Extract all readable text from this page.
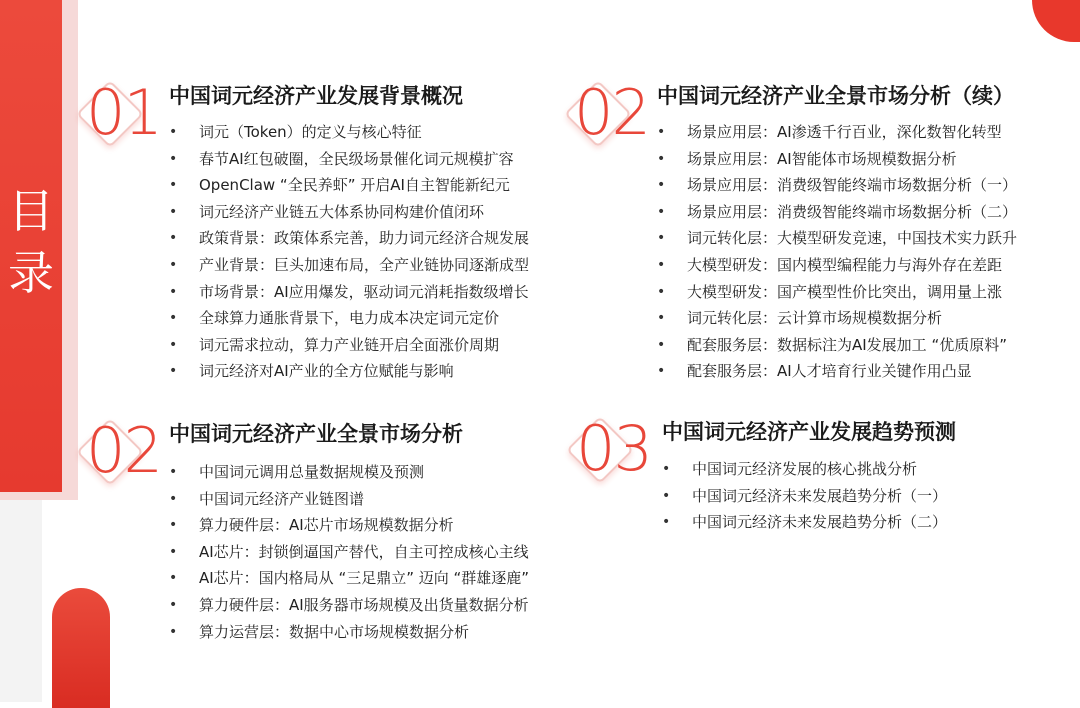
目录
01 中国词元经济产业发展背景概况
• 词元（Token）的定义与核心特征
• 春节AI红包破圈，全民级场景催化词元规模扩容
• OpenClaw “全民养虾” 开启AI自主智能新纪元
• 词元经济产业链五大体系协同构建价值闭环
• 政策背景：政策体系完善，助力词元经济合规发展
• 产业背景：巨头加速布局，全产业链协同逐渐成型
• 市场背景：AI应用爆发，驱动词元消耗指数级增长
• 全球算力通胀背景下，电力成本决定词元定价
• 词元需求拉动，算力产业链开启全面涨价周期
• 词元经济对AI产业的全方位赋能与影响
02 中国词元经济产业全景市场分析
• 中国词元调用总量数据规模及预测
• 中国词元经济产业链图谱
• 算力硬件层：AI芯片市场规模数据分析
• AI芯片：封锁倒逼国产替代，自主可控成核心主线
• AI芯片：国内格局从 “三足鼎立” 迈向 “群雄逐鹿”
• 算力硬件层：AI服务器市场规模及出货量数据分析
• 算力运营层：数据中心市场规模数据分析
02 中国词元经济产业全景市场分析（续）
• 场景应用层：AI渗透千行百业，深化数智化转型
• 场景应用层：AI智能体市场规模数据分析
• 场景应用层：消费级智能终端市场数据分析（一）
• 场景应用层：消费级智能终端市场数据分析（二）
• 词元转化层：大模型研发竞速，中国技术实力跃升
• 大模型研发：国内模型编程能力与海外存在差距
• 大模型研发：国产模型性价比突出，调用量上涨
• 词元转化层：云计算市场规模数据分析
• 配套服务层：数据标注为AI发展加工 “优质原料”
• 配套服务层：AI人才培育行业关键作用凸显
03 中国词元经济产业发展趋势预测
• 中国词元经济发展的核心挑战分析
• 中国词元经济未来发展趋势分析（一）
• 中国词元经济未来发展趋势分析（二）
